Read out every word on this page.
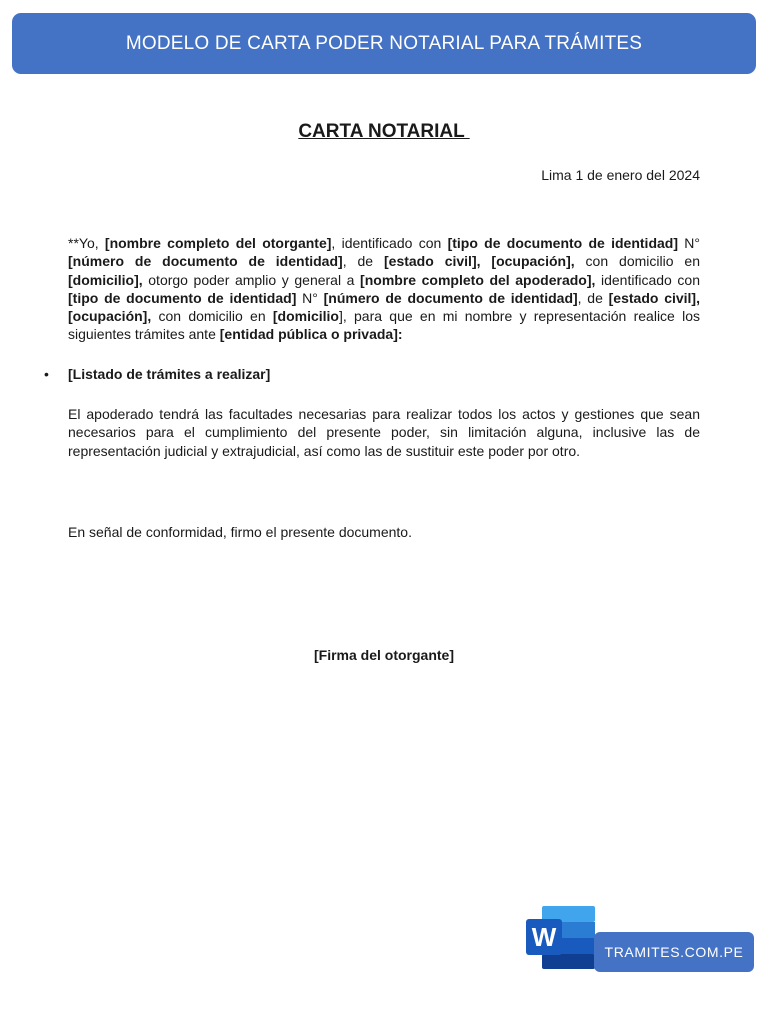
MODELO DE CARTA PODER NOTARIAL PARA TRÁMITES
CARTA NOTARIAL
Lima 1 de enero del 2024
**Yo, [nombre completo del otorgante], identificado con [tipo de documento de identidad] N° [número de documento de identidad], de [estado civil], [ocupación], con domicilio en [domicilio], otorgo poder amplio y general a [nombre completo del apoderado], identificado con [tipo de documento de identidad] N° [número de documento de identidad], de [estado civil], [ocupación], con domicilio en [domicilio], para que en mi nombre y representación realice los siguientes trámites ante [entidad pública o privada]:
•	[Listado de trámites a realizar]
El apoderado tendrá las facultades necesarias para realizar todos los actos y gestiones que sean necesarios para el cumplimiento del presente poder, sin limitación alguna, inclusive las de representación judicial y extrajudicial, así como las de sustituir este poder por otro.
En señal de conformidad, firmo el presente documento.
[Firma del otorgante]
W	TRAMITES.COM.PE
